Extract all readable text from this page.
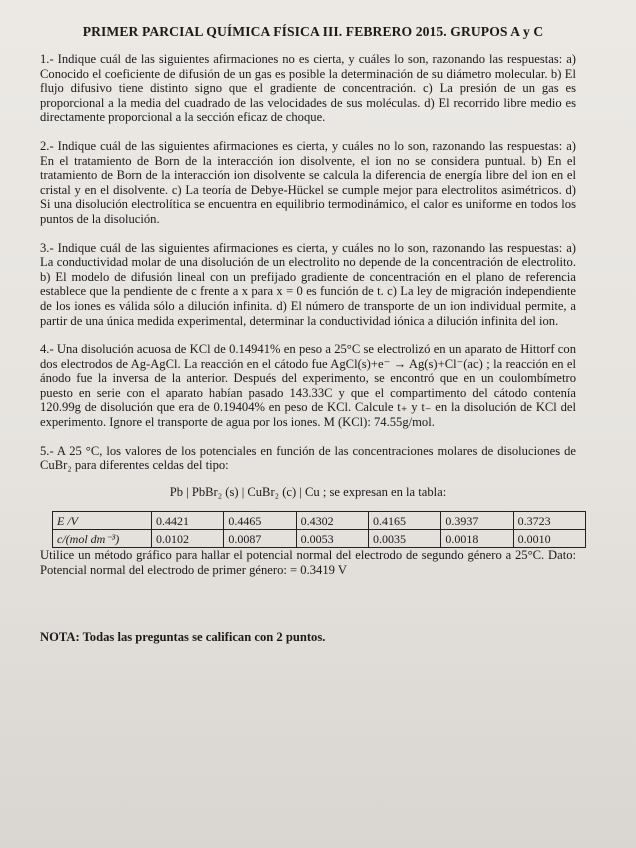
PRIMER PARCIAL QUÍMICA FÍSICA III. FEBRERO 2015. GRUPOS A y C

1.- Indique cuál de las siguientes afirmaciones no es cierta, y cuáles lo son, razonando las respuestas: a) Conocido el coeficiente de difusión de un gas es posible la determinación de su diámetro molecular. b) El flujo difusivo tiene distinto signo que el gradiente de concentración. c) La presión de un gas es proporcional a la media del cuadrado de las velocidades de sus moléculas. d) El recorrido libre medio es directamente proporcional a la sección eficaz de choque.

2.- Indique cuál de las siguientes afirmaciones es cierta, y cuáles no lo son, razonando las respuestas: a) En el tratamiento de Born de la interacción ion disolvente, el ion no se considera puntual. b) En el tratamiento de Born de la interacción ion disolvente se calcula la diferencia de energía libre del ion en el cristal y en el disolvente. c) La teoría de Debye-Hückel se cumple mejor para electrolitos asimétricos. d) Si una disolución electrolítica se encuentra en equilibrio termodinámico, el calor es uniforme en todos los puntos de la disolución.

3.- Indique cuál de las siguientes afirmaciones es cierta, y cuáles no lo son, razonando las respuestas: a) La conductividad molar de una disolución de un electrolito no depende de la concentración de electrolito. b) El modelo de difusión lineal con un prefijado gradiente de concentración en el plano de referencia establece que la pendiente de c frente a x para x = 0 es función de t. c) La ley de migración independiente de los iones es válida sólo a dilución infinita. d) El número de transporte de un ion individual permite, a partir de una única medida experimental, determinar la conductividad iónica a dilución infinita del ion.

4.- Una disolución acuosa de KCl de 0.14941% en peso a 25°C se electrolizó en un aparato de Hittorf con dos electrodos de Ag-AgCl. La reacción en el cátodo fue AgCl(s)+e⁻ → Ag(s)+Cl⁻(ac) ; la reacción en el ánodo fue la inversa de la anterior. Después del experimento, se encontró que en un coulombímetro puesto en serie con el aparato habían pasado 143.33C y que el compartimento del cátodo contenía 120.99g de disolución que era de 0.19404% en peso de KCl. Calcule t₊ y t₋ en la disolución de KCl del experimento. Ignore el transporte de agua por los iones. M (KCl): 74.55g/mol.

5.- A 25 °C, los valores de los potenciales en función de las concentraciones molares de disoluciones de CuBr₂ para diferentes celdas del tipo:

Pb | PbBr₂ (s) | CuBr₂ (c) | Cu ; se expresan en la tabla:
E /V	0.4421	0.4465	0.4302	0.4165	0.3937	0.3723
c/(mol dm⁻³)	0.0102	0.0087	0.0053	0.0035	0.0018	0.0010

Utilice un método gráfico para hallar el potencial normal del electrodo de segundo género a 25°C. Dato: Potencial normal del electrodo de primer género: = 0.3419 V

NOTA: Todas las preguntas se califican con 2 puntos.
